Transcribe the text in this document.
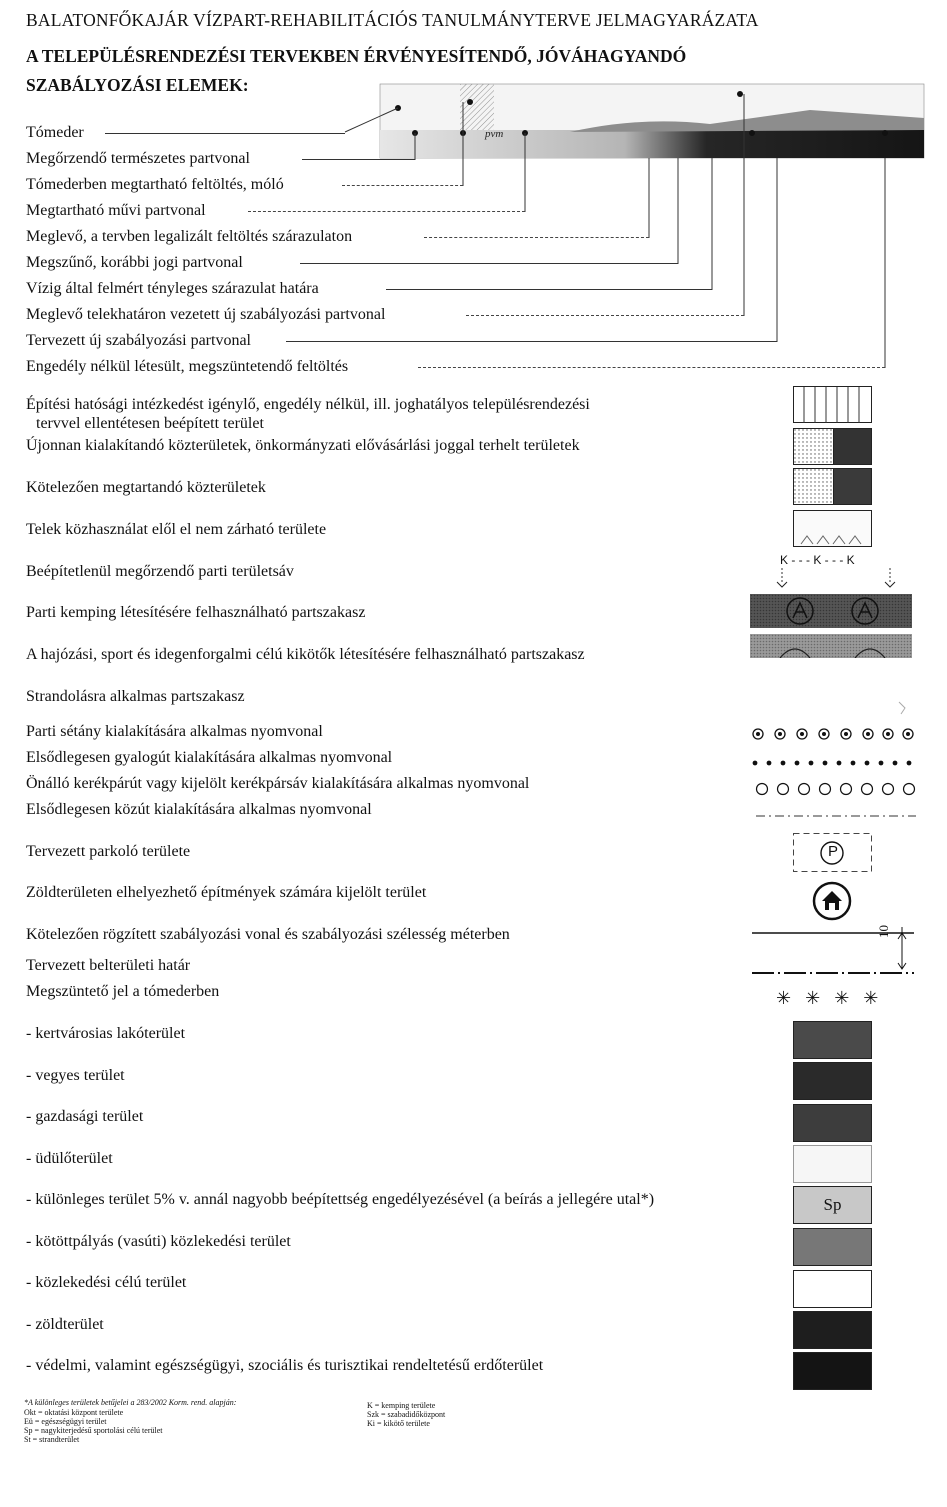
BALATONFŐKAJÁR VÍZPART-REHABILITÁCIÓS TANULMÁNYTERVE JELMAGYARÁZATA
A TELEPÜLÉSRENDEZÉSI TERVEKBEN ÉRVÉNYESÍTENDŐ, JÓVÁHAGYANDÓ
SZABÁLYOZÁSI ELEMEK:
pvm
Tómeder
Megőrzendő természetes partvonal
Tómederben megtartható feltöltés, móló
Megtartható művi partvonal
Meglevő, a tervben legalizált feltöltés szárazulaton
Megszűnő, korábbi jogi partvonal
Vízig által felmért tényleges szárazulat határa
Meglevő telekhatáron vezetett új szabályozási partvonal
Tervezett új szabályozási partvonal
Engedély nélkül létesült, megszüntetendő feltöltés
Építési hatósági intézkedést igénylő, engedély nélkül, ill. joghatályos településrendezési
tervvel ellentétesen beépített terület
Újonnan kialakítandó közterületek, önkormányzati elővásárlási joggal terhelt területek
Kötelezően megtartandó közterületek
Telek közhasználat elől el nem zárható területe
Beépítetlenül megőrzendő parti területsáv
K - - - K - - - K
Parti kemping létesítésére felhasználható partszakasz
A hajózási, sport és idegenforgalmi célú kikötők létesítésére felhasználható partszakasz
Strandolásra alkalmas partszakasz
Parti sétány kialakítására alkalmas nyomvonal
Elsődlegesen gyalogút kialakítására alkalmas nyomvonal
Önálló kerékpárút vagy kijelölt kerékpársáv kialakítására alkalmas nyomvonal
Elsődlegesen közút kialakítására alkalmas nyomvonal
Tervezett parkoló területe	P
Zöldterületen elhelyezhető építmények számára kijelölt terület
Kötelezően rögzített szabályozási vonal és szabályozási szélesség méterben	10
Tervezett belterületi határ
Megszüntető jel a tómederben	✳✳✳✳
- kertvárosias lakóterület
- vegyes terület
- gazdasági terület
- üdülőterület
- különleges terület 5% v. annál nagyobb beépítettség engedélyezésével (a beírás a jellegére utal*)	Sp
- kötöttpályás (vasúti) közlekedési terület
- közlekedési célú terület
- zöldterület
- védelmi, valamint egészségügyi, szociális és turisztikai rendeltetésű erdőterület
*A különleges területek betűjelei a 283/2002 Korm. rend. alapján:
Okt = oktatási központ területe
Eü = egészségügyi terület
Sp = nagykiterjedésű sportolási célú terület
St = strandterület
K = kemping területe
Szk = szabadidőközpont
Ki = kikötő területe
